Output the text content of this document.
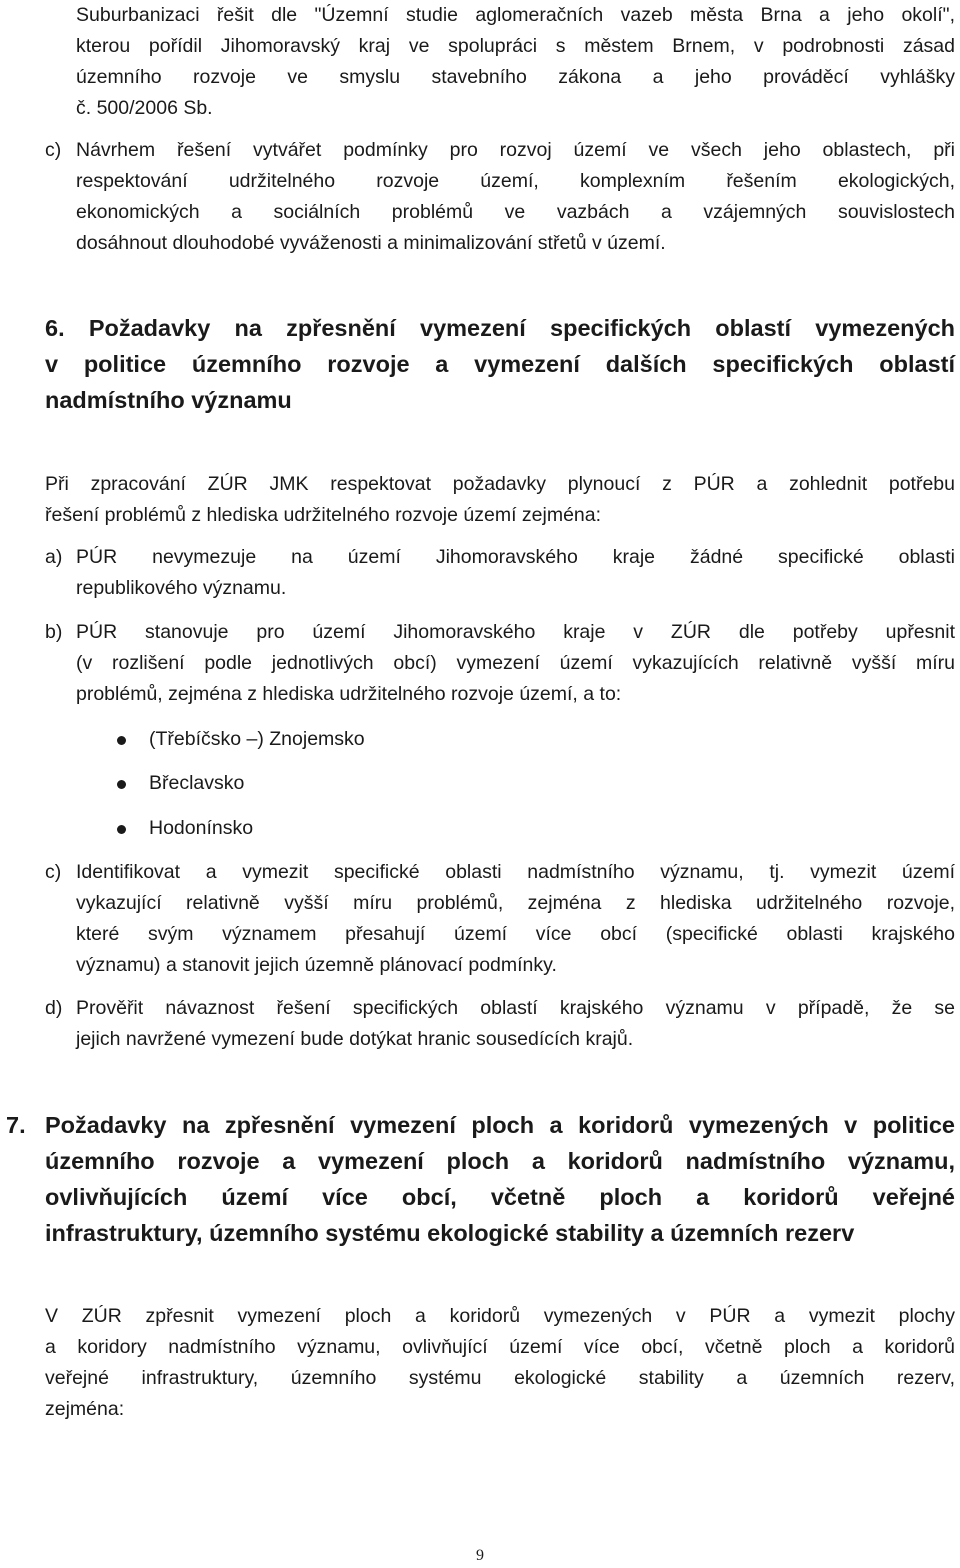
Suburbanizaci řešit dle "Územní studie aglomeračních vazeb města Brna a jeho okolí",
kterou pořídil Jihomoravský kraj ve spolupráci s městem Brnem, v podrobnosti zásad
územního rozvoje ve smyslu stavebního zákona a jeho prováděcí vyhlášky
č. 500/2006 Sb.
c) Návrhem řešení vytvářet podmínky pro rozvoj území ve všech jeho oblastech, při
respektování udržitelného rozvoje území, komplexním řešením ekologických,
ekonomických a sociálních problémů ve vazbách a vzájemných souvislostech
dosáhnout dlouhodobé vyváženosti a minimalizování střetů v území.
6. Požadavky na zpřesnění vymezení specifických oblastí vymezených
v politice územního rozvoje a vymezení dalších specifických oblastí
nadmístního významu
Při zpracování ZÚR JMK respektovat požadavky plynoucí z PÚR a zohlednit potřebu
řešení problémů z hlediska udržitelného rozvoje území zejména:
a) PÚR nevymezuje na území Jihomoravského kraje žádné specifické oblasti
republikového významu.
b) PÚR stanovuje pro území Jihomoravského kraje v ZÚR dle potřeby upřesnit
(v rozlišení podle jednotlivých obcí) vymezení území vykazujících relativně vyšší míru
problémů, zejména z hlediska udržitelného rozvoje území, a to:
(Třebíčsko –) Znojemsko
Břeclavsko
Hodonínsko
c) Identifikovat a vymezit specifické oblasti nadmístního významu, tj. vymezit území
vykazující relativně vyšší míru problémů, zejména z hlediska udržitelného rozvoje,
které svým významem přesahují území více obcí (specifické oblasti krajského
významu) a stanovit jejich územně plánovací podmínky.
d) Prověřit návaznost řešení specifických oblastí krajského významu v případě, že se
jejich navržené vymezení bude dotýkat hranic sousedících krajů.
7. Požadavky na zpřesnění vymezení ploch a koridorů vymezených v politice
územního rozvoje a vymezení ploch a koridorů nadmístního významu,
ovlivňujících území více obcí, včetně ploch a koridorů veřejné
infrastruktury, územního systému ekologické stability a územních rezerv
V ZÚR zpřesnit vymezení ploch a koridorů vymezených v PÚR a vymezit plochy
a koridory nadmístního významu, ovlivňující území více obcí, včetně ploch a koridorů
veřejné infrastruktury, územního systému ekologické stability a územních rezerv,
zejména:
9
